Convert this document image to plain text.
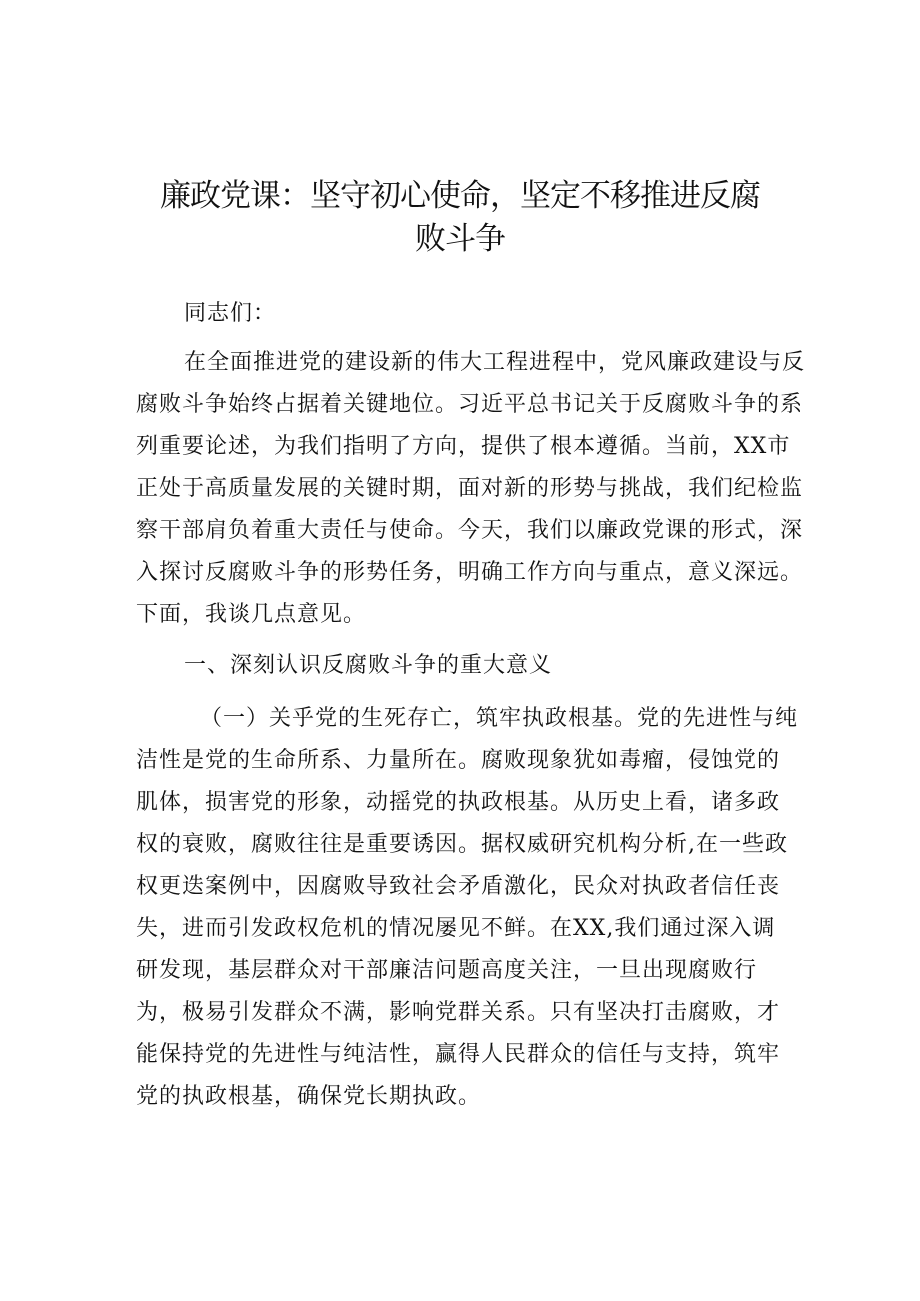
廉政党课：坚守初心使命，坚定不移推进反腐
败斗争
同志们：
在全面推进党的建设新的伟大工程进程中，党风廉政建设与反
腐败斗争始终占据着关键地位。习近平总书记关于反腐败斗争的系
列重要论述，为我们指明了方向，提供了根本遵循。当前，XX市
正处于高质量发展的关键时期，面对新的形势与挑战，我们纪检监
察干部肩负着重大责任与使命。今天，我们以廉政党课的形式，深
入探讨反腐败斗争的形势任务，明确工作方向与重点，意义深远。
下面，我谈几点意见。
一、深刻认识反腐败斗争的重大意义
（一）关乎党的生死存亡，筑牢执政根基。党的先进性与纯
洁性是党的生命所系、力量所在。腐败现象犹如毒瘤，侵蚀党的
肌体，损害党的形象，动摇党的执政根基。从历史上看，诸多政
权的衰败，腐败往往是重要诱因。据权威研究机构分析,在一些政
权更迭案例中，因腐败导致社会矛盾激化，民众对执政者信任丧
失，进而引发政权危机的情况屡见不鲜。在XX,我们通过深入调
研发现，基层群众对干部廉洁问题高度关注，一旦出现腐败行
为，极易引发群众不满，影响党群关系。只有坚决打击腐败，才
能保持党的先进性与纯洁性，赢得人民群众的信任与支持，筑牢
党的执政根基，确保党长期执政。
